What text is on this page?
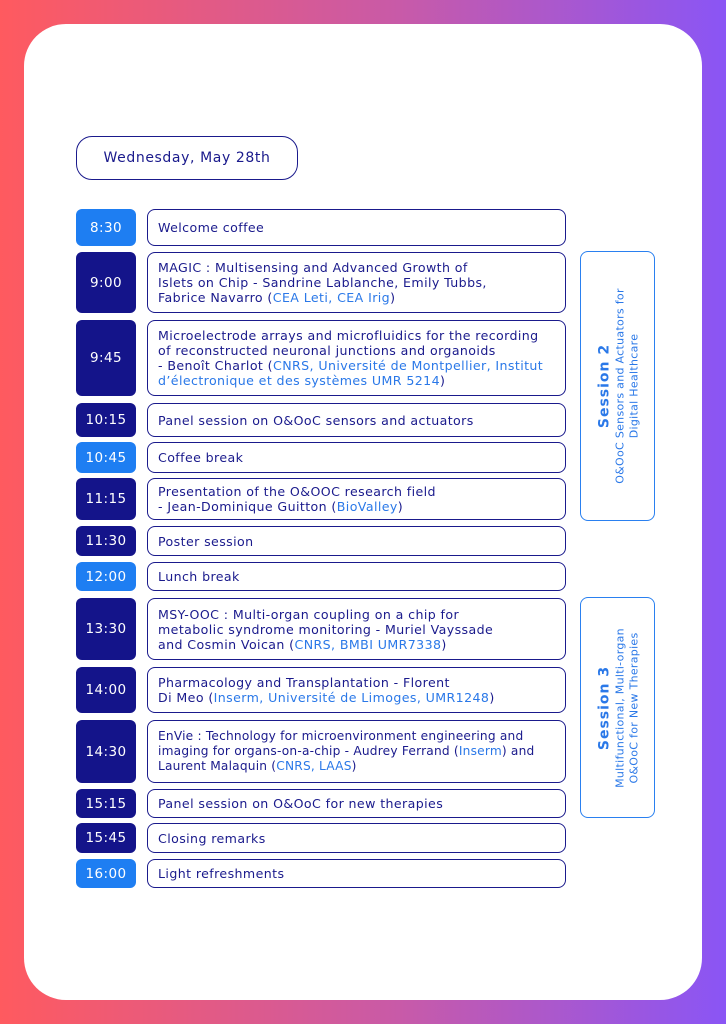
Wednesday, May 28th
8:30	Welcome coffee
9:00
MAGIC : Multisensing and Advanced Growth of
Islets on Chip - Sandrine Lablanche, Emily Tubbs,
Fabrice Navarro (CEA Leti, CEA Irig)
9:45
Microelectrode arrays and microfluidics for the recording
of reconstructed neuronal junctions and organoids
- Benoît Charlot (CNRS, Université de Montpellier, Institut
d’électronique et des systèmes UMR 5214)
10:15	Panel session on O&OoC sensors and actuators
10:45	Coffee break
11:15	Presentation of the O&OOC research field
- Jean-Dominique Guitton (BioValley)
11:30	Poster session
12:00	Lunch break
13:30
MSY-OOC : Multi-organ coupling on a chip for
metabolic syndrome monitoring - Muriel Vayssade
and Cosmin Voican (CNRS, BMBI UMR7338)
14:00	Pharmacology and Transplantation - Florent
Di Meo (Inserm, Université de Limoges, UMR1248)
14:30
EnVie : Technology for microenvironment engineering and
imaging for organs-on-a-chip - Audrey Ferrand (Inserm) and
Laurent Malaquin (CNRS, LAAS)
15:15	Panel session on O&OoC for new therapies
15:45	Closing remarks
16:00	Light refreshments
Session 2 O&OoC Sensors and Actuators for Digital Healthcare
Session 3 Multifunctional, Multi-organ O&OoC for New Therapies
